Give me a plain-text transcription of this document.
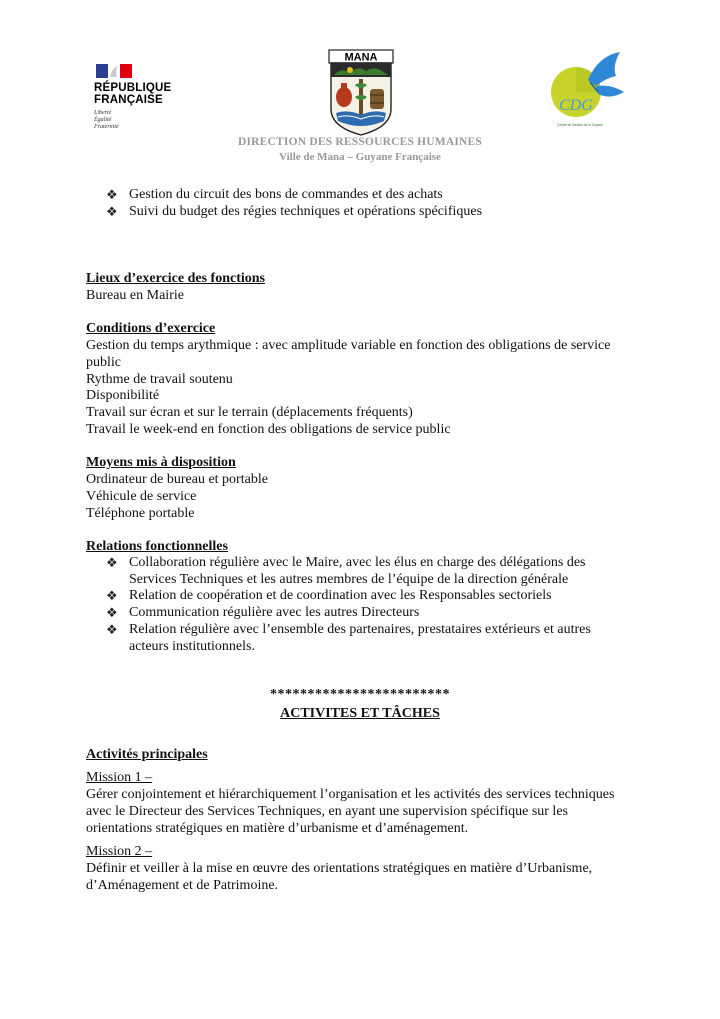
RÉPUBLIQUE
FRANÇAISE
Liberté
Égalité
Fraternité
MANA
CDG
Centre de Gestion de la Guyane
DIRECTION DES RESSOURCES HUMAINES
Ville de Mana – Guyane Française
❖ Gestion du circuit des bons de commandes et des achats
❖ Suivi du budget des régies techniques et opérations spécifiques
Lieux d’exercice des fonctions
Bureau en Mairie
Conditions d’exercice
Gestion du temps arythmique : avec amplitude variable en fonction des obligations de service
public
Rythme de travail soutenu
Disponibilité
Travail sur écran et sur le terrain (déplacements fréquents)
Travail le week-end en fonction des obligations de service public
Moyens mis à disposition
Ordinateur de bureau et portable
Véhicule de service
Téléphone portable
Relations fonctionnelles
❖ Collaboration régulière avec le Maire, avec les élus en charge des délégations des
Services Techniques et les autres membres de l’équipe de la direction générale
❖ Relation de coopération et de coordination avec les Responsables sectoriels
❖ Communication régulière avec les autres Directeurs
❖ Relation régulière avec l’ensemble des partenaires, prestataires extérieurs et autres
acteurs institutionnels.
************************
ACTIVITES ET TÂCHES
Activités principales
Mission 1 –
Gérer conjointement et hiérarchiquement l’organisation et les activités des services techniques
avec le Directeur des Services Techniques, en ayant une supervision spécifique sur les
orientations stratégiques en matière d’urbanisme et d’aménagement.
Mission 2 –
Définir et veiller à la mise en œuvre des orientations stratégiques en matière d’Urbanisme,
d’Aménagement et de Patrimoine.
